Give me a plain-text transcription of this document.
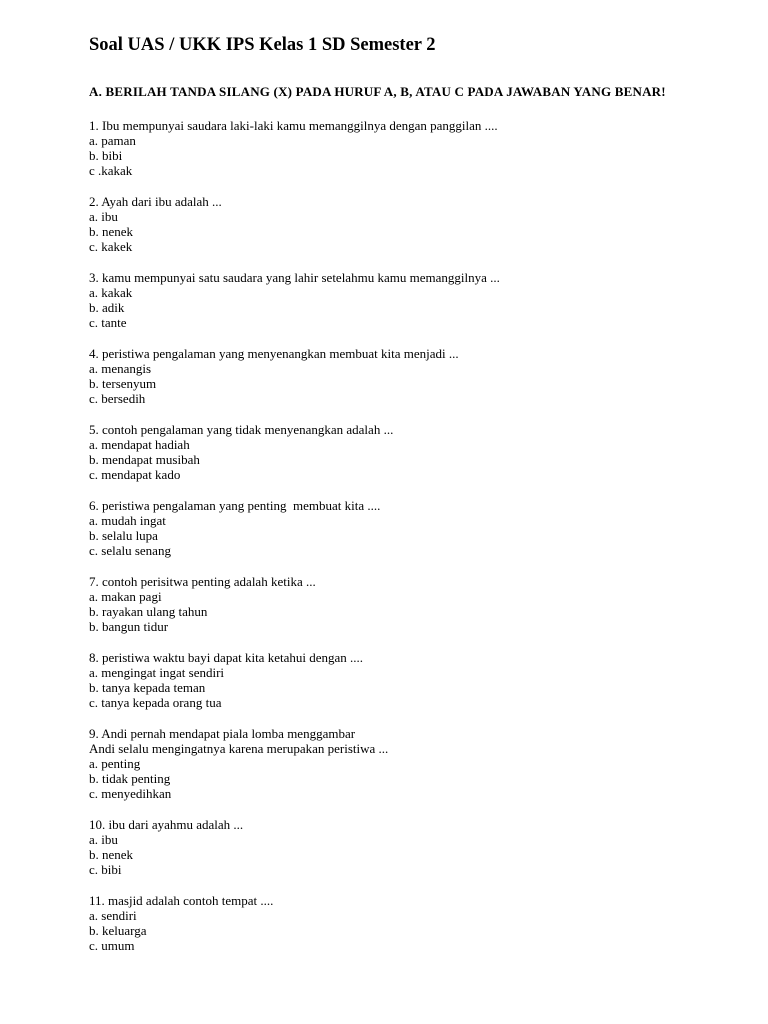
Soal UAS / UKK IPS Kelas 1 SD Semester 2
A. BERILAH TANDA SILANG (X) PADA HURUF A, B, ATAU C PADA JAWABAN YANG BENAR!
1. Ibu mempunyai saudara laki-laki kamu memanggilnya dengan panggilan ....
a. paman
b. bibi
c .kakak
2. Ayah dari ibu adalah ...
a. ibu
b. nenek
c. kakek
3. kamu mempunyai satu saudara yang lahir setelahmu kamu memanggilnya ...
a. kakak
b. adik
c. tante
4. peristiwa pengalaman yang menyenangkan membuat kita menjadi ...
a. menangis
b. tersenyum
c. bersedih
5. contoh pengalaman yang tidak menyenangkan adalah ...
a. mendapat hadiah
b. mendapat musibah
c. mendapat kado
6. peristiwa pengalaman yang penting  membuat kita ....
a. mudah ingat
b. selalu lupa
c. selalu senang
7. contoh perisitwa penting adalah ketika ...
a. makan pagi
b. rayakan ulang tahun
b. bangun tidur
8. peristiwa waktu bayi dapat kita ketahui dengan ....
a. mengingat ingat sendiri
b. tanya kepada teman
c. tanya kepada orang tua
9. Andi pernah mendapat piala lomba menggambar
Andi selalu mengingatnya karena merupakan peristiwa ...
a. penting
b. tidak penting
c. menyedihkan
10. ibu dari ayahmu adalah ...
a. ibu
b. nenek
c. bibi
11. masjid adalah contoh tempat ....
a. sendiri
b. keluarga
c. umum
